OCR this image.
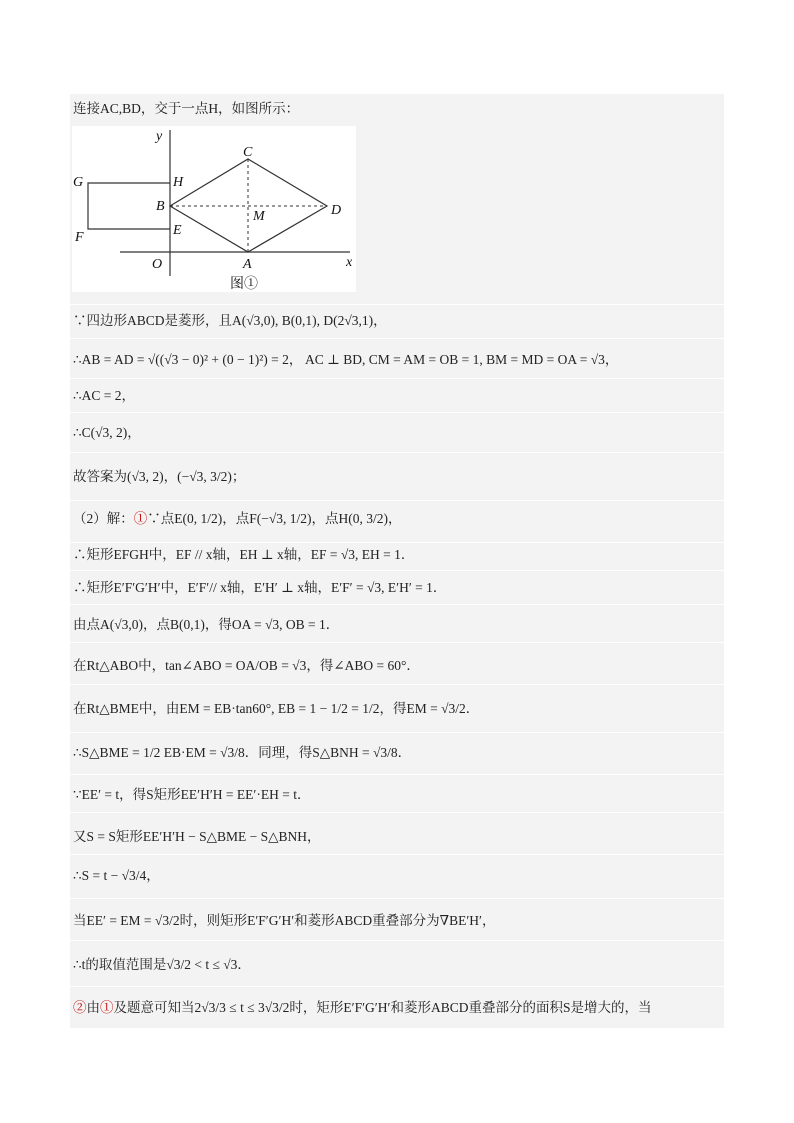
连接AC,BD，交于一点H，如图所示：
y
x
C
G	H
B
M	D
F	E
O	A
图①
∵四边形ABCD是菱形，且A(√3,0), B(0,1), D(2√3,1)，
∴AB = AD = √((√3 − 0)² + (0 − 1)²) = 2， AC ⊥ BD, CM = AM = OB = 1, BM = MD = OA = √3，
∴AC = 2，
∴C(√3, 2)，
故答案为(√3, 2)，(−√3, 3/2)；
（2）解：①∵点E(0, 1/2)，点F(−√3, 1/2)，点H(0, 3/2)，
∴矩形EFGH中，EF // x轴，EH ⊥ x轴，EF = √3, EH = 1．
∴矩形E′F′G′H′中，E′F′// x轴，E′H′ ⊥ x轴，E′F′ = √3, E′H′ = 1．
由点A(√3,0)，点B(0,1)，得OA = √3, OB = 1．
在Rt△ABO中，tan∠ABO = OA/OB = √3，得∠ABO = 60°．
在Rt△BME中，由EM = EB·tan60°, EB = 1 − 1/2 = 1/2，得EM = √3/2．
∴S△BME = 1/2 EB·EM = √3/8．同理，得S△BNH = √3/8．
∵EE′ = t，得S矩形EE′H′H = EE′·EH = t．
又S = S矩形EE′H′H − S△BME − S△BNH，
∴S = t − √3/4，
当EE′ = EM = √3/2时，则矩形E′F′G′H′和菱形ABCD重叠部分为∇BE′H′，
∴t的取值范围是√3/2 < t ≤ √3．
②由①及题意可知当2√3/3 ≤ t ≤ 3√3/2时，矩形E′F′G′H′和菱形ABCD重叠部分的面积S是增大的，当
